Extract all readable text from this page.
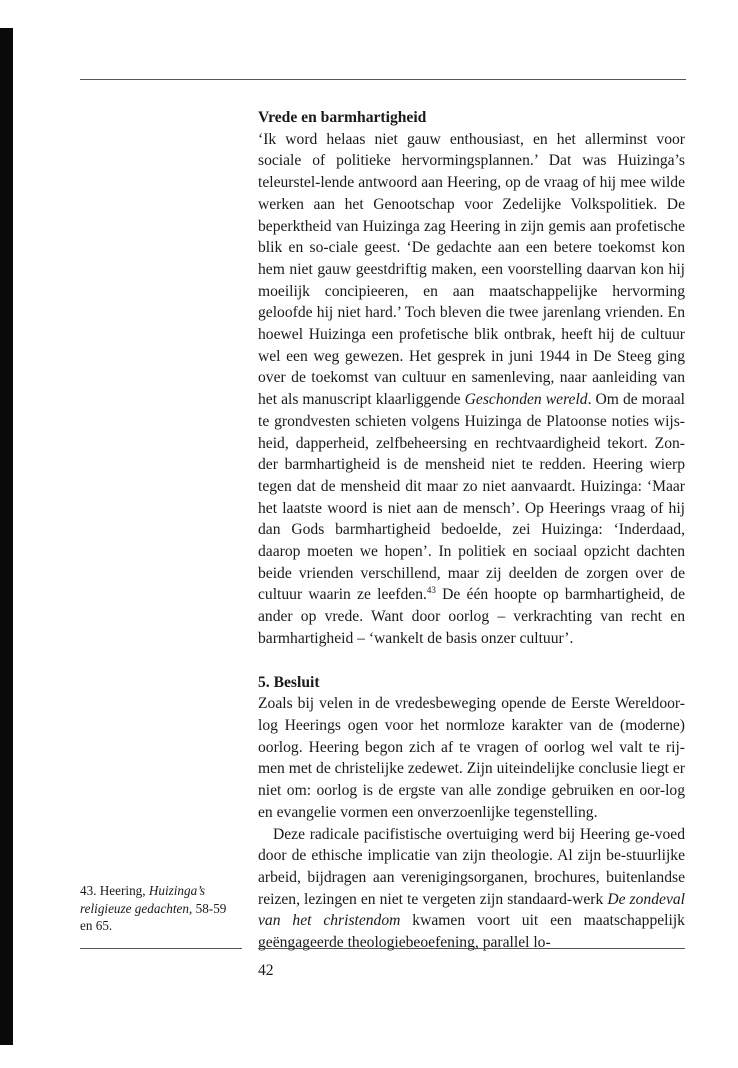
Vrede en barmhartigheid

‘Ik word helaas niet gauw enthousiast, en het allerminst voor sociale of politieke hervormingsplannen.’ Dat was Huizinga’s teleurstel-lende antwoord aan Heering, op de vraag of hij mee wilde werken aan het Genootschap voor Zedelijke Volkspolitiek. De beperktheid van Huizinga zag Heering in zijn gemis aan profetische blik en so-ciale geest. ‘De gedachte aan een betere toekomst kon hem niet gauw geestdriftig maken, een voorstelling daarvan kon hij moeilijk concipieeren, en aan maatschappelijke hervorming geloofde hij niet hard.’ Toch bleven die twee jarenlang vrienden. En hoewel Huizinga een profetische blik ontbrak, heeft hij de cultuur wel een weg gewezen. Het gesprek in juni 1944 in De Steeg ging over de toekomst van cultuur en samenleving, naar aanleiding van het als manuscript klaarliggende Geschonden wereld. Om de moraal te grondvesten schieten volgens Huizinga de Platoonse noties wijs-heid, dapperheid, zelfbeheersing en rechtvaardigheid tekort. Zon-der barmhartigheid is de mensheid niet te redden. Heering wierp tegen dat de mensheid dit maar zo niet aanvaardt. Huizinga: ‘Maar het laatste woord is niet aan de mensch’. Op Heerings vraag of hij dan Gods barmhartigheid bedoelde, zei Huizinga: ‘Inderdaad, daarop moeten we hopen’. In politiek en sociaal opzicht dachten beide vrienden verschillend, maar zij deelden de zorgen over de cultuur waarin ze leefden.$^{43}$ De één hoopte op barmhartigheid, de ander op vrede. Want door oorlog – verkrachting van recht en barmhartigheid – ‘wankelt de basis onzer cultuur’.

5. Besluit

Zoals bij velen in de vredesbeweging opende de Eerste Wereldoor-log Heerings ogen voor het normloze karakter van de (moderne) oorlog. Heering begon zich af te vragen of oorlog wel valt te rij-men met de christelijke zedewet. Zijn uiteindelijke conclusie liegt er niet om: oorlog is de ergste van alle zondige gebruiken en oor-log en evangelie vormen een onverzoenlijke tegenstelling.

Deze radicale pacifistische overtuiging werd bij Heering ge-voed door de ethische implicatie van zijn theologie. Al zijn be-stuurlijke arbeid, bijdragen aan verenigingsorganen, brochures, buitenlandse reizen, lezingen en niet te vergeten zijn standaard-werk De zondeval van het christendom kwamen voort uit een maatschappelijk geëngageerde theologiebeoefening, parallel lo-

43. Heering, Huizinga’s religieuze gedachten, 58-59 en 65.
42
